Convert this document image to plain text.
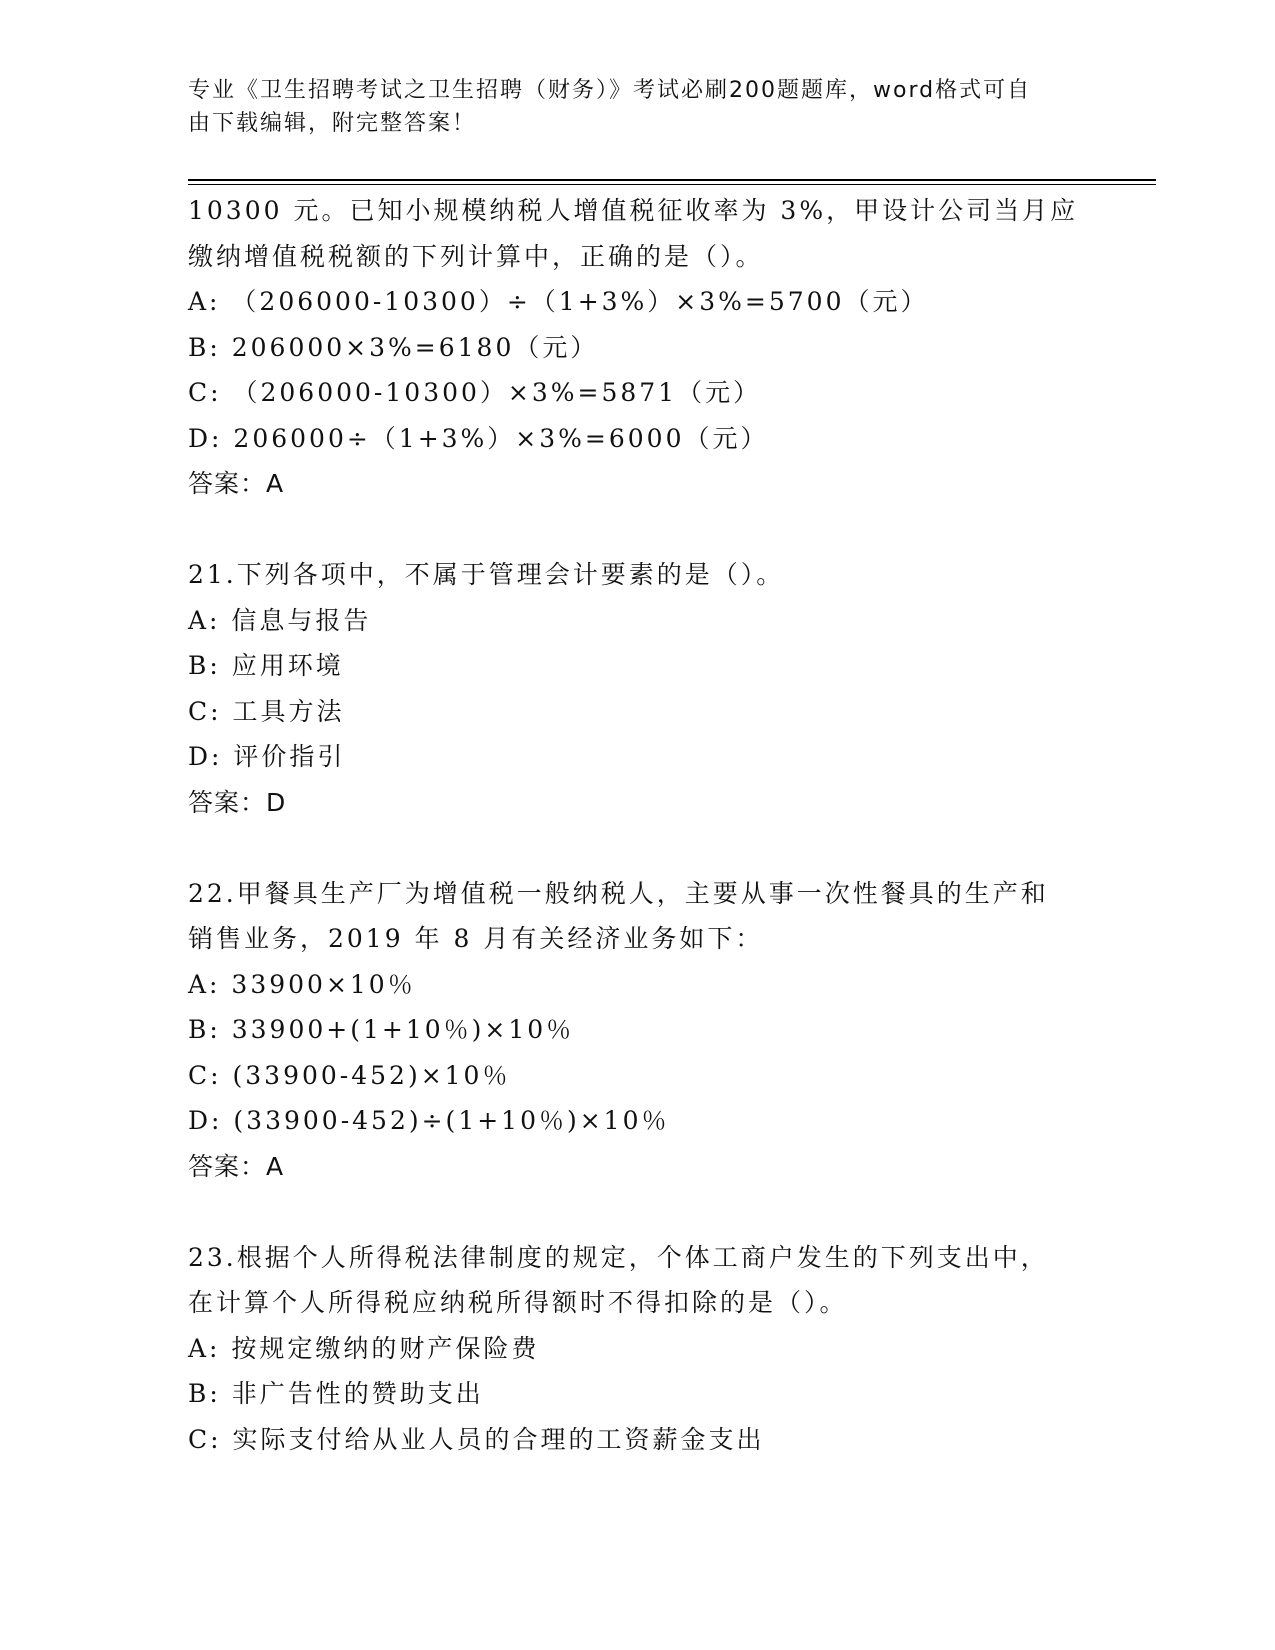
专业《卫生招聘考试之卫生招聘（财务）》考试必刷200题题库，word格式可自
由下载编辑，附完整答案！
10300 元。已知小规模纳税人增值税征收率为 3%，甲设计公司当月应
缴纳增值税税额的下列计算中，正确的是（）。
A: （206000-10300）÷（1+3%）×3%=5700（元）
B: 206000×3%=6180（元）
C: （206000-10300）×3%=5871（元）
D: 206000÷（1+3%）×3%=6000（元）
答案：A
21.下列各项中，不属于管理会计要素的是（）。
A: 信息与报告
B: 应用环境
C: 工具方法
D: 评价指引
答案：D
22.甲餐具生产厂为增值税一般纳税人，主要从事一次性餐具的生产和
销售业务，2019 年 8 月有关经济业务如下：
A: 33900×10％
B: 33900+(1+10％)×10％
C: (33900-452)×10％
D: (33900-452)÷(1+10％)×10％
答案：A
23.根据个人所得税法律制度的规定，个体工商户发生的下列支出中，
在计算个人所得税应纳税所得额时不得扣除的是（）。
A: 按规定缴纳的财产保险费
B: 非广告性的赞助支出
C: 实际支付给从业人员的合理的工资薪金支出
